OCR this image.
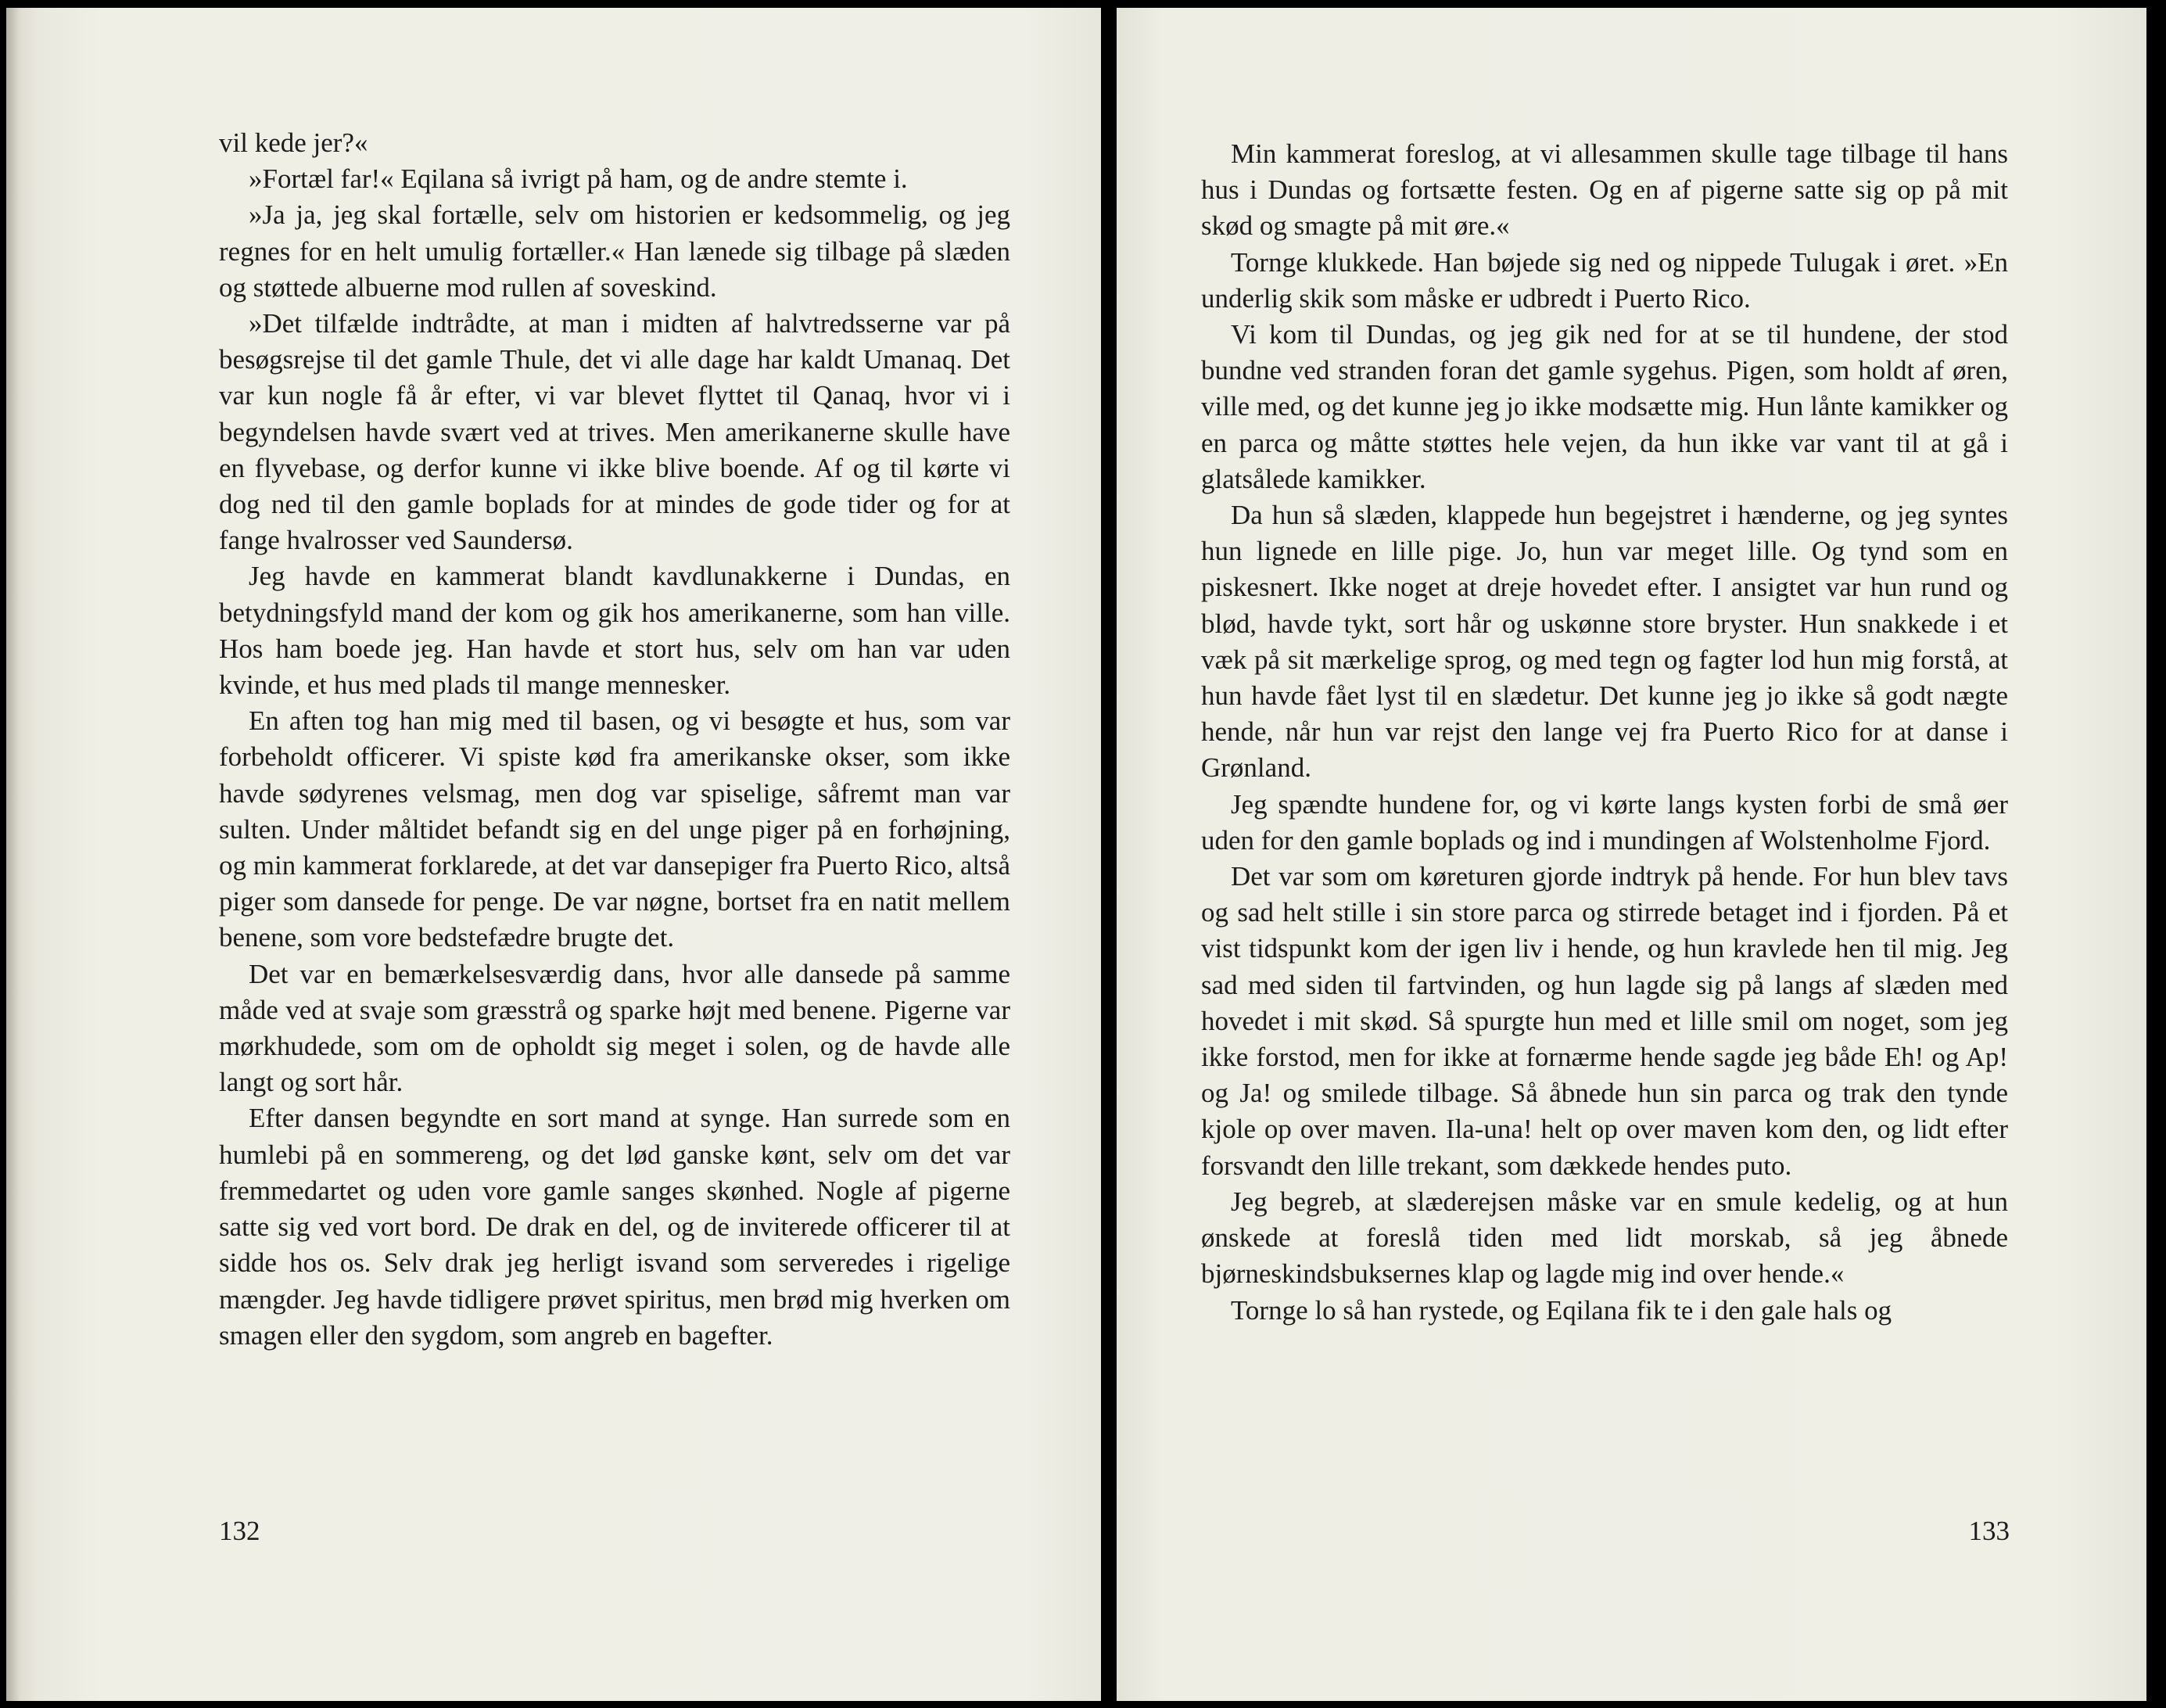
vil kede jer?«

»Fortæl far!« Eqilana så ivrigt på ham, og de andre stemte i.

»Ja ja, jeg skal fortælle, selv om historien er kedsommelig, og jeg regnes for en helt umulig fortæller.« Han lænede sig tilbage på slæden og støttede albuerne mod rullen af soveskind.

»Det tilfælde indtrådte, at man i midten af halvtredsserne var på besøgsrejse til det gamle Thule, det vi alle dage har kaldt Umanaq. Det var kun nogle få år efter, vi var blevet flyttet til Qanaq, hvor vi i begyndelsen havde svært ved at trives. Men amerikanerne skulle have en flyvebase, og derfor kunne vi ikke blive boende. Af og til kørte vi dog ned til den gamle boplads for at mindes de gode tider og for at fange hvalrosser ved Saundersø.

Jeg havde en kammerat blandt kavdlunakkerne i Dundas, en betydningsfyld mand der kom og gik hos amerikanerne, som han ville. Hos ham boede jeg. Han havde et stort hus, selv om han var uden kvinde, et hus med plads til mange mennesker.

En aften tog han mig med til basen, og vi besøgte et hus, som var forbeholdt officerer. Vi spiste kød fra amerikanske okser, som ikke havde sødyrenes velsmag, men dog var spiselige, såfremt man var sulten. Under måltidet befandt sig en del unge piger på en forhøjning, og min kammerat forklarede, at det var dansepiger fra Puerto Rico, altså piger som dansede for penge. De var nøgne, bortset fra en natit mellem benene, som vore bedstefædre brugte det.

Det var en bemærkelsesværdig dans, hvor alle dansede på samme måde ved at svaje som græsstrå og sparke højt med benene. Pigerne var mørkhudede, som om de opholdt sig meget i solen, og de havde alle langt og sort hår.

Efter dansen begyndte en sort mand at synge. Han surrede som en humlebi på en sommereng, og det lød ganske kønt, selv om det var fremmedartet og uden vore gamle sanges skønhed. Nogle af pigerne satte sig ved vort bord. De drak en del, og de inviterede officerer til at sidde hos os. Selv drak jeg herligt isvand som serveredes i rigelige mængder. Jeg havde tidligere prøvet spiritus, men brød mig hverken om smagen eller den sygdom, som angreb en bagefter.

132

Min kammerat foreslog, at vi allesammen skulle tage tilbage til hans hus i Dundas og fortsætte festen. Og en af pigerne satte sig op på mit skød og smagte på mit øre.«

Tornge klukkede. Han bøjede sig ned og nippede Tulugak i øret. »En underlig skik som måske er udbredt i Puerto Rico.

Vi kom til Dundas, og jeg gik ned for at se til hundene, der stod bundne ved stranden foran det gamle sygehus. Pigen, som holdt af øren, ville med, og det kunne jeg jo ikke modsætte mig. Hun lånte kamikker og en parca og måtte støttes hele vejen, da hun ikke var vant til at gå i glatsålede kamikker.

Da hun så slæden, klappede hun begejstret i hænderne, og jeg syntes hun lignede en lille pige. Jo, hun var meget lille. Og tynd som en piskesnert. Ikke noget at dreje hovedet efter. I ansigtet var hun rund og blød, havde tykt, sort hår og uskønne store bryster. Hun snakkede i et væk på sit mærkelige sprog, og med tegn og fagter lod hun mig forstå, at hun havde fået lyst til en slædetur. Det kunne jeg jo ikke så godt nægte hende, når hun var rejst den lange vej fra Puerto Rico for at danse i Grønland.

Jeg spændte hundene for, og vi kørte langs kysten forbi de små øer uden for den gamle boplads og ind i mundingen af Wolstenholme Fjord.

Det var som om køreturen gjorde indtryk på hende. For hun blev tavs og sad helt stille i sin store parca og stirrede betaget ind i fjorden. På et vist tidspunkt kom der igen liv i hende, og hun kravlede hen til mig. Jeg sad med siden til fartvinden, og hun lagde sig på langs af slæden med hovedet i mit skød. Så spurgte hun med et lille smil om noget, som jeg ikke forstod, men for ikke at fornærme hende sagde jeg både Eh! og Ap! og Ja! og smilede tilbage. Så åbnede hun sin parca og trak den tynde kjole op over maven. Ila-una! helt op over maven kom den, og lidt efter forsvandt den lille trekant, som dækkede hendes puto.

Jeg begreb, at slæderejsen måske var en smule kedelig, og at hun ønskede at foreslå tiden med lidt morskab, så jeg åbnede bjørneskindsbuksernes klap og lagde mig ind over hende.«

Tornge lo så han rystede, og Eqilana fik te i den gale hals og

133
